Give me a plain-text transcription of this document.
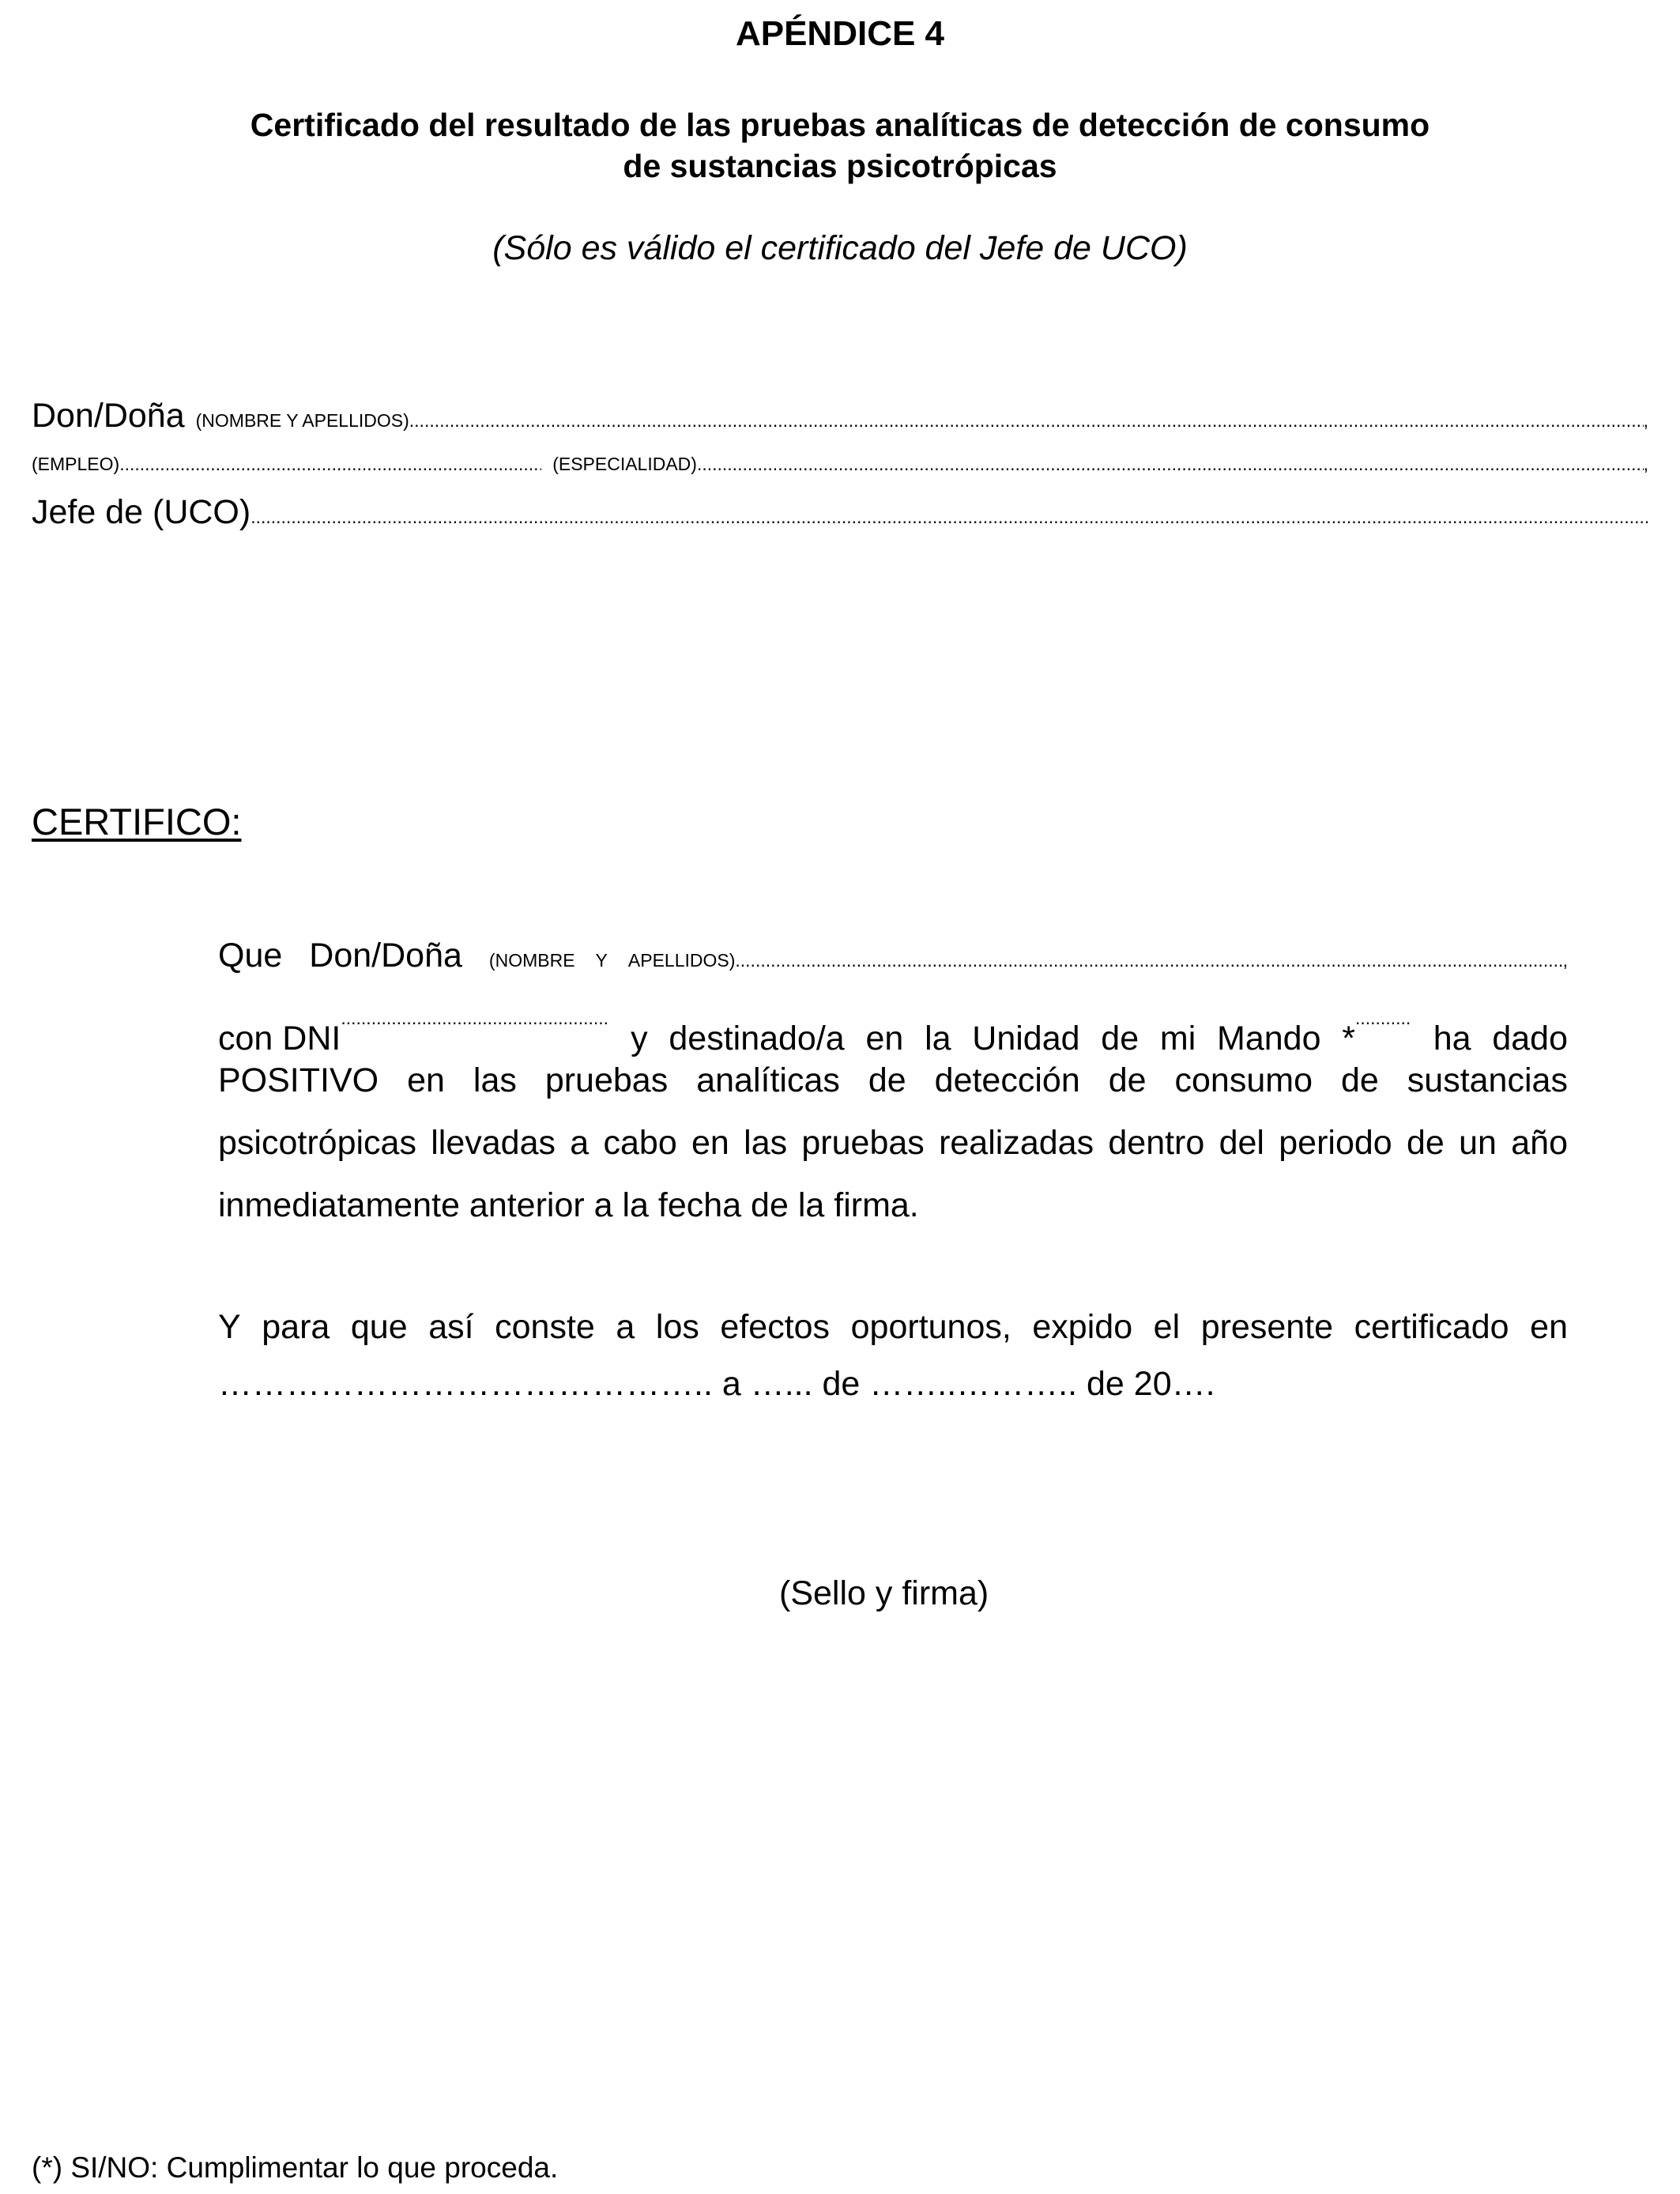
APÉNDICE 4
Certificado del resultado de las pruebas analíticas de detección de consumo
de sustancias psicotrópicas
(Sólo es válido el certificado del Jefe de UCO)
Don/Doña (NOMBRE Y APELLIDOS) .....	,
(EMPLEO) .....	(ESPECIALIDAD) .....	,
Jefe de (UCO)
.....
CERTIFICO:
Que Don/Doña (NOMBRE Y APELLIDOS) .....	,
con DNI .....	y destinado/a en la Unidad de mi Mando * .....	ha dado
POSITIVO en las pruebas analíticas de detección de consumo de sustancias
psicotrópicas llevadas a cabo en las pruebas realizadas dentro del periodo de un año
inmediatamente anterior a la fecha de la firma.
Y para que así conste a los efectos oportunos, expido el presente certificado en
…………………………………….. a …... de ……..……….. de 20….
(Sello y firma)
(*) SI/NO: Cumplimentar lo que proceda.
